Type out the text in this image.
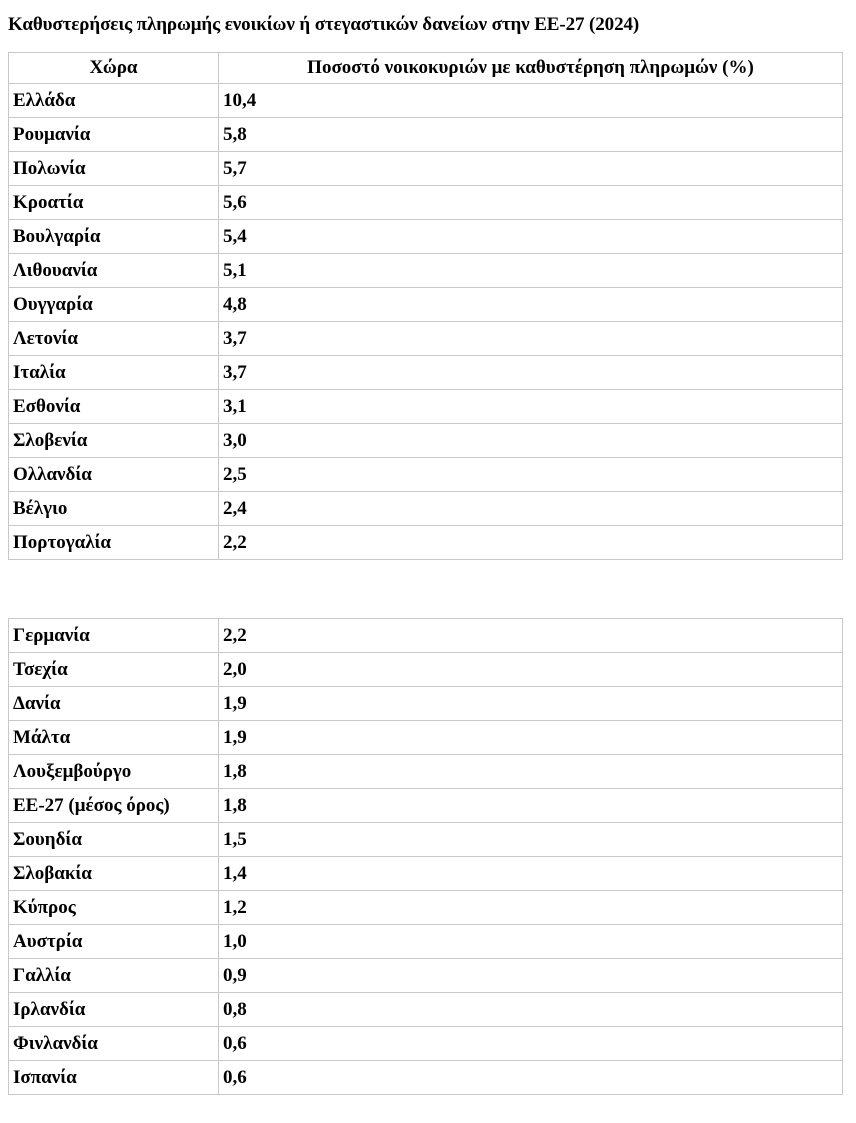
Καθυστερήσεις πληρωμής ενοικίων ή στεγαστικών δανείων στην ΕΕ-27 (2024)
Χώρα	Ποσοστό νοικοκυριών με καθυστέρηση πληρωμών (%)
Ελλάδα	10,4
Ρουμανία	5,8
Πολωνία	5,7
Κροατία	5,6
Βουλγαρία	5,4
Λιθουανία	5,1
Ουγγαρία	4,8
Λετονία	3,7
Ιταλία	3,7
Εσθονία	3,1
Σλοβενία	3,0
Ολλανδία	2,5
Βέλγιο	2,4
Πορτογαλία	2,2
Γερμανία	2,2
Τσεχία	2,0
Δανία	1,9
Μάλτα	1,9
Λουξεμβούργο	1,8
ΕΕ-27 (μέσος όρος)	1,8
Σουηδία	1,5
Σλοβακία	1,4
Κύπρος	1,2
Αυστρία	1,0
Γαλλία	0,9
Ιρλανδία	0,8
Φινλανδία	0,6
Ισπανία	0,6
